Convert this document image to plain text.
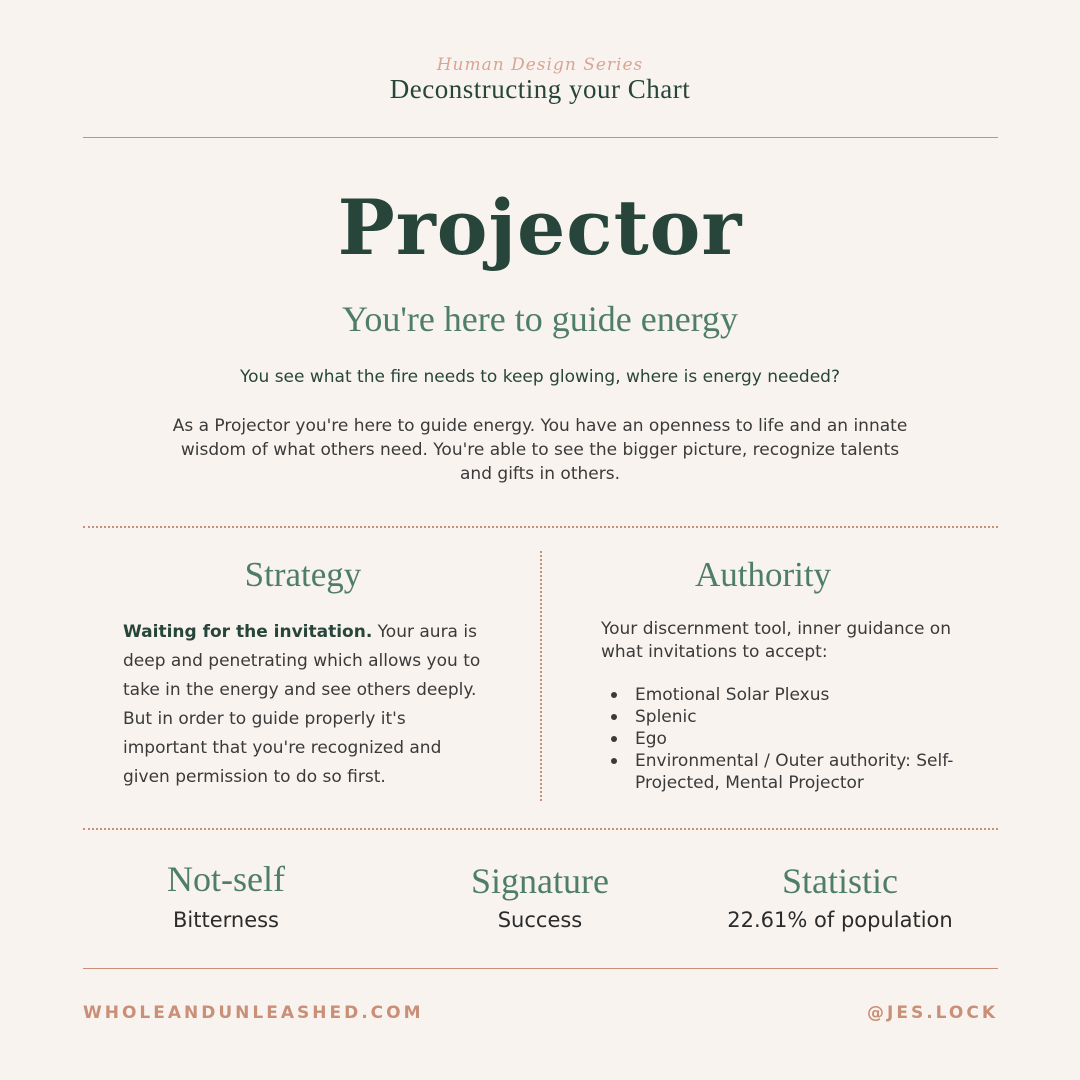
Human Design Series
Deconstructing your Chart
Projector
You're here to guide energy
You see what the fire needs to keep glowing, where is energy needed?
As a Projector you're here to guide energy. You have an openness to life and an innate wisdom of what others need. You're able to see the bigger picture, recognize talents and gifts in others.
Strategy
Waiting for the invitation. Your aura is deep and penetrating which allows you to take in the energy and see others deeply. But in order to guide properly it's important that you're recognized and given permission to do so first.
Authority
Your discernment tool, inner guidance on what invitations to accept:
Emotional Solar Plexus
Splenic
Ego
Environmental / Outer authority: Self-Projected, Mental Projector
Not-self
Bitterness
Signature
Success
Statistic
22.61% of population
WHOLEANDUNLEASHED.COM	@JES.LOCK
